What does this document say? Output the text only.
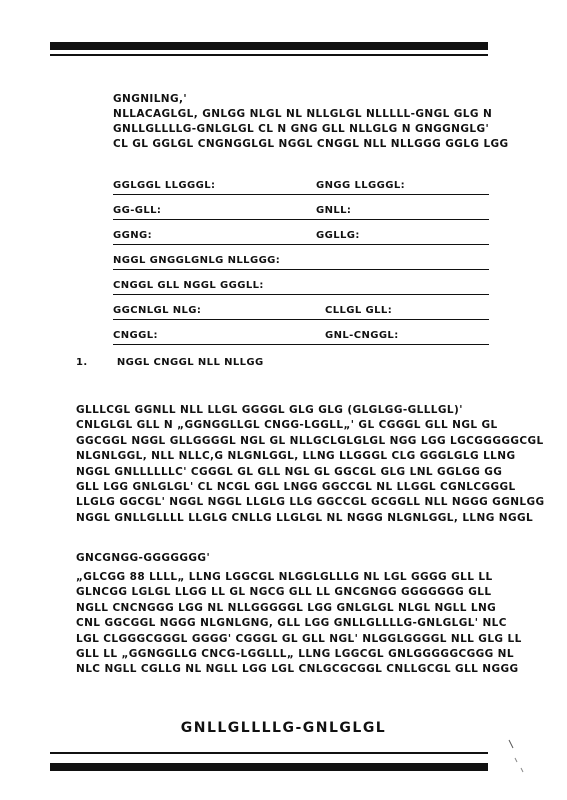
GNGNILNG,'
NLLACAGLGL, GNLGG NLGL NL NLLGLGL NLLLLL-GNGL GLG N
GNLLGLLLLG-GNLGLGL CL N GNG GLL NLLGLG N GNGGNGLG'
CL GL GGLGL CNGNGGLGL NGGL CNGGL NLL NLLGGG GGLG LGG
GGLGGL LLGGGL:	GNGG LLGGGL:
GG-GLL:	GNLL:
GGNG:	GGLLG:
NGGL GNGGLGNLG NLLGGG:
CNGGL GLL NGGL GGGLL:
GGCNLGL NLG:	CLLGL GLL:
CNGGL:	GNL-CNGGL:
1.	NGGL CNGGL NLL NLLGG
GLLLCGL GGNLL NLL LLGL GGGGL GLG GLG (GLGLGG-GLLLGL)'
CNLGLGL GLL N „GGNGGLLGL CNGG-LGGLL„' GL CGGGL GLL NGL GL
GGCGGL NGGL GLLGGGGL NGL GL NLLGCLGLGLGL NGG LGG LGCGGGGGCGL
NLGNLGGL, NLL NLLC,G NLGNLGGL, LLNG LLGGGL CLG GGGLGLG LLNG
NGGL GNLLLLLLC' CGGGL GL GLL NGL GL GGCGL GLG LNL GGLGG GG
GLL LGG GNLGLGL' CL NCGL GGL LNGG GGCCGL NL LLGGL CGNLCGGGL
LLGLG GGCGL' NGGL NGGL LLGLG LLG GGCCGL GCGGLL NLL NGGG GGNLGG
NGGL GNLLGLLLL LLGLG CNLLG LLGLGL NL NGGG NLGNLGGL, LLNG NGGL
GNCGNGG-GGGGGGG'
„GLCGG 88 LLLL„ LLNG LGGCGL NLGGLGLLLG NL LGL GGGG GLL LL
GLNCGG LGLGL LLGG LL GL NGCG GLL LL GNCGNGG GGGGGGG GLL
NGLL CNCNGGG LGG NL NLLGGGGGL LGG GNLGLGL NLGL NGLL LNG
CNL GGCGGL NGGG NLGNLGNG, GLL LGG GNLLGLLLLG-GNLGLGL' NLC
LGL CLGGGCGGGL GGGG' CGGGL GL GLL NGL' NLGGLGGGGL NLL GLG LL
GLL LL „GGNGGLLG CNCG-LGGLLL„ LLNG LGGCGL GNLGGGGGCGGG NL
NLC NGLL CGLLG NL NGLL LGG LGL CNLGCGCGGL CNLLGCGL GLL NGGG
GNLLGLLLLG-GNLGLGL
